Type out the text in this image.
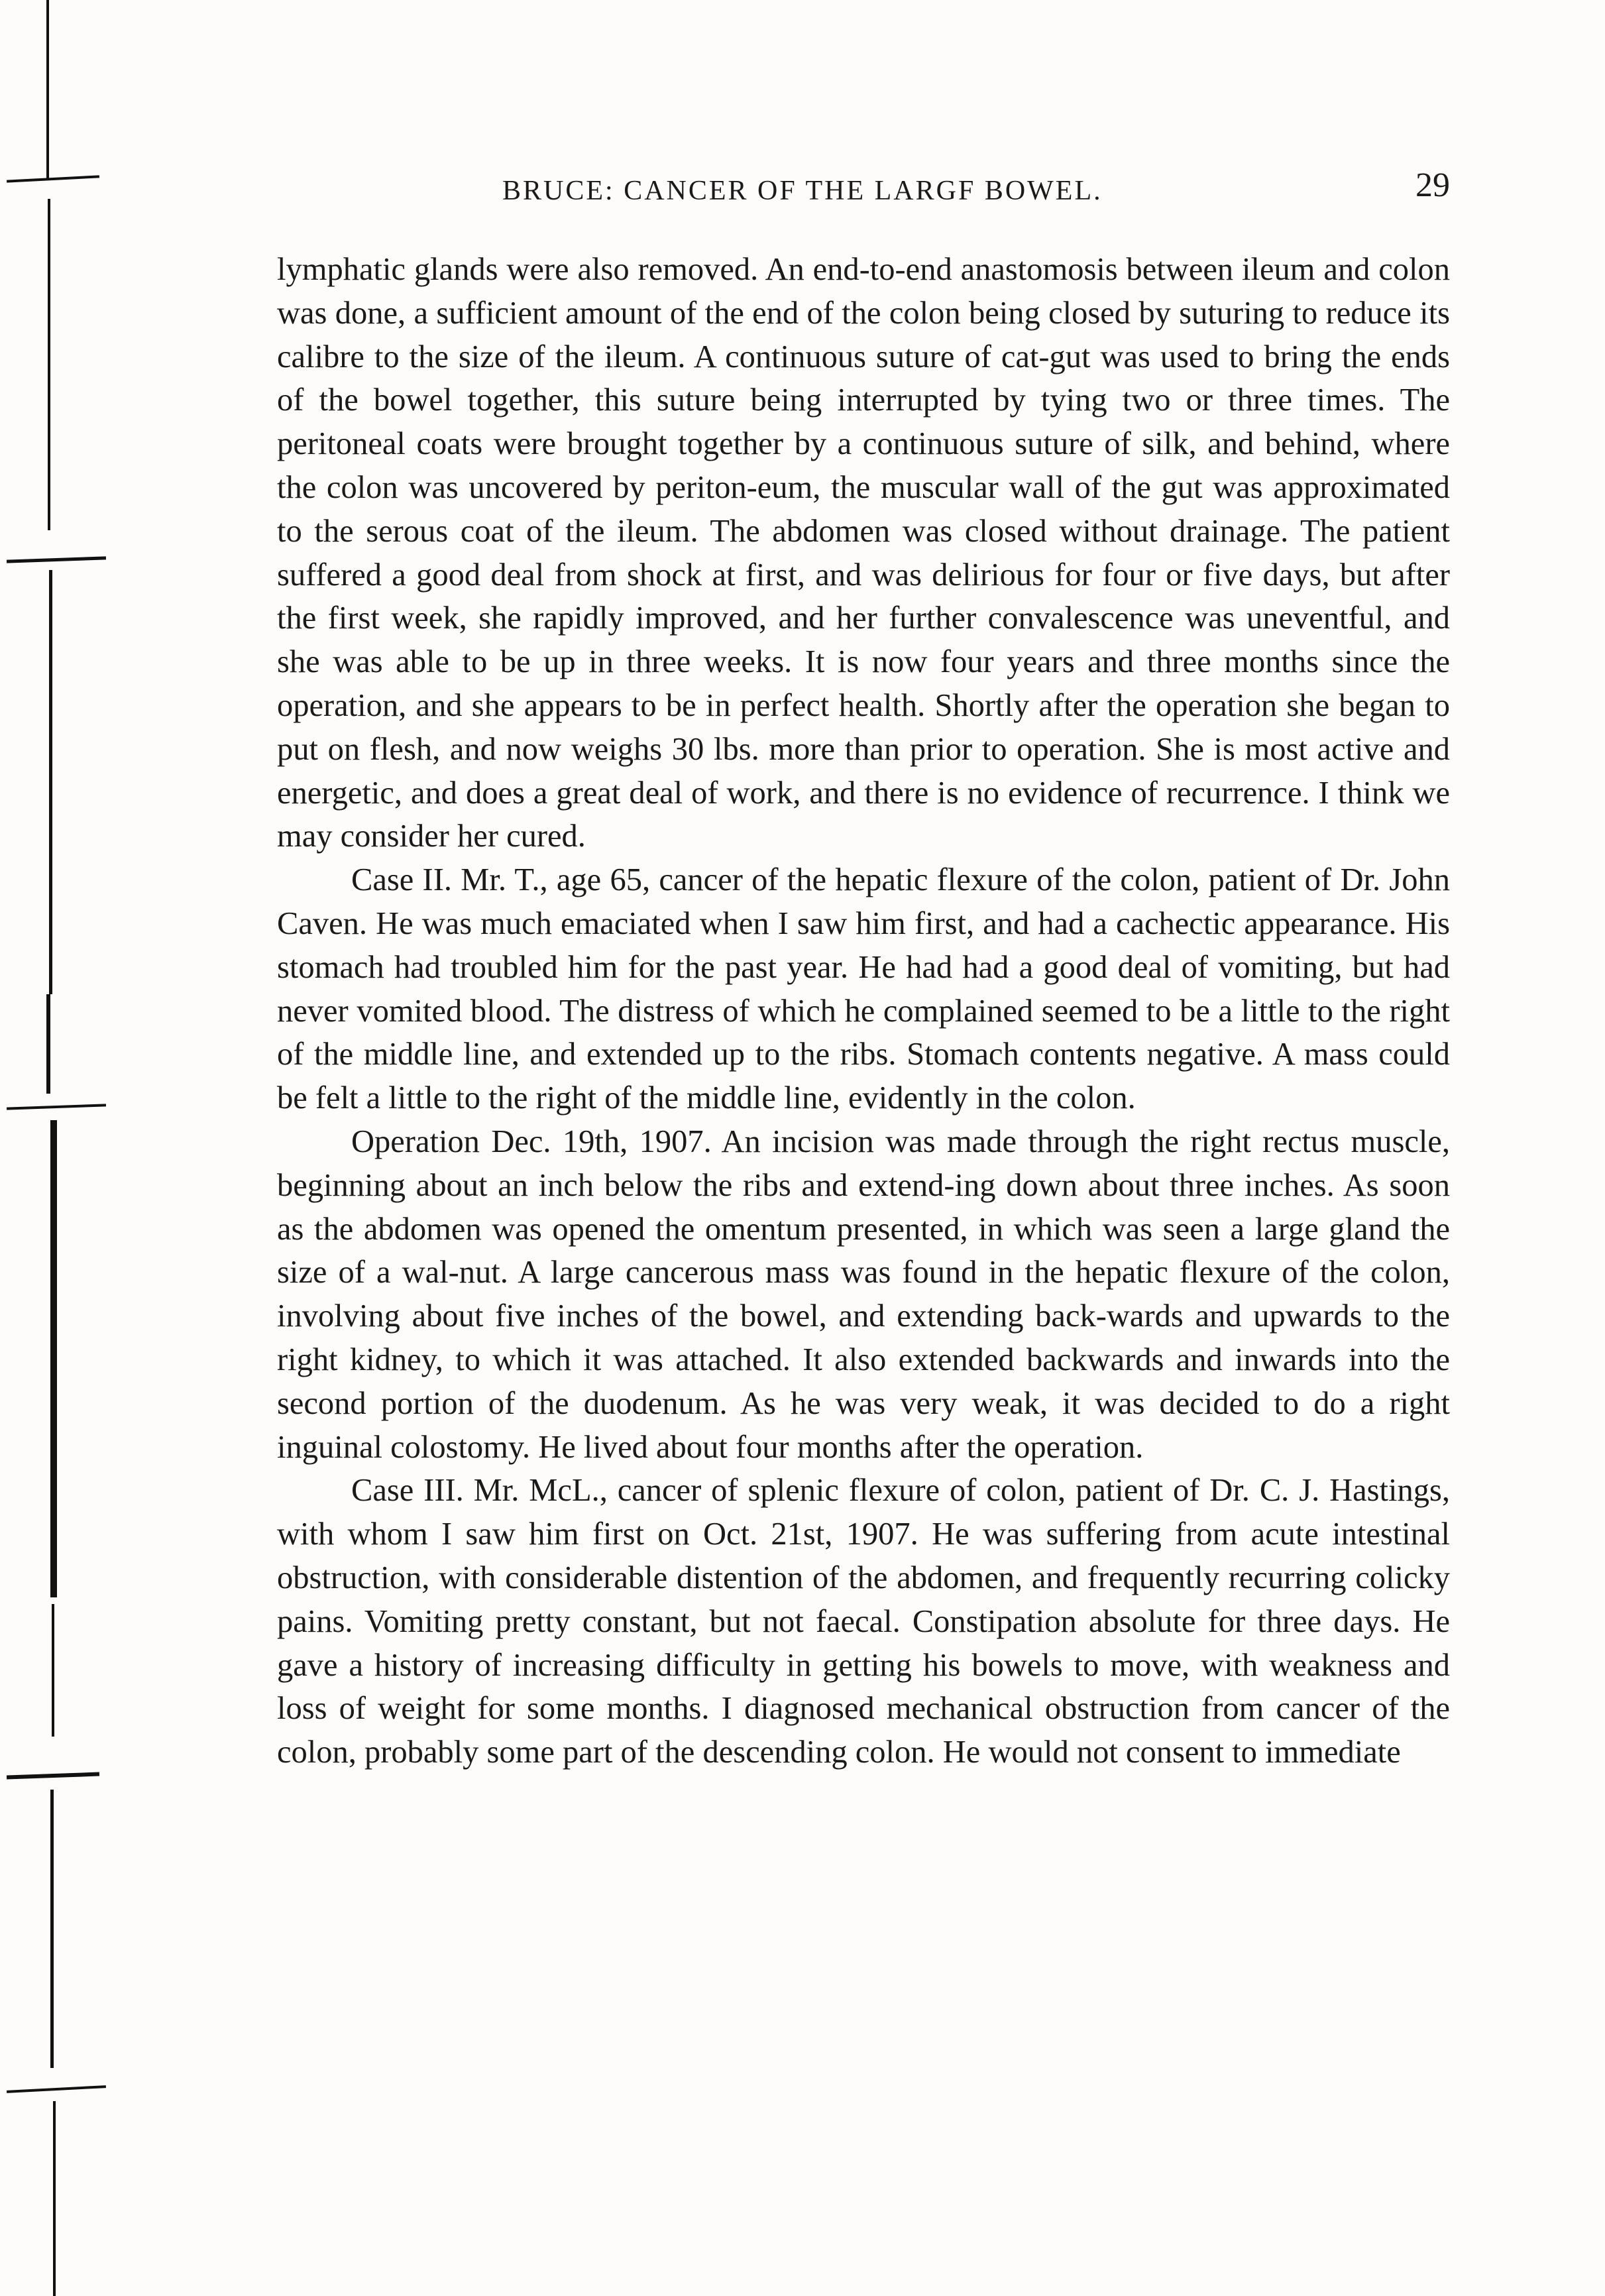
BRUCE: CANCER OF THE LARGF BOWEL.	29

lymphatic glands were also removed. An end-to-end anastomosis between ileum and colon was done, a sufficient amount of the end of the colon being closed by suturing to reduce its calibre to the size of the ileum. A continuous suture of cat-gut was used to bring the ends of the bowel together, this suture being interrupted by tying two or three times. The peritoneal coats were brought together by a continuous suture of silk, and behind, where the colon was uncovered by periton-eum, the muscular wall of the gut was approximated to the serous coat of the ileum. The abdomen was closed without drainage. The patient suffered a good deal from shock at first, and was delirious for four or five days, but after the first week, she rapidly improved, and her further convalescence was uneventful, and she was able to be up in three weeks. It is now four years and three months since the operation, and she appears to be in perfect health. Shortly after the operation she began to put on flesh, and now weighs 30 lbs. more than prior to operation. She is most active and energetic, and does a great deal of work, and there is no evidence of recurrence. I think we may consider her cured.

Case II. Mr. T., age 65, cancer of the hepatic flexure of the colon, patient of Dr. John Caven. He was much emaciated when I saw him first, and had a cachectic appearance. His stomach had troubled him for the past year. He had had a good deal of vomiting, but had never vomited blood. The distress of which he complained seemed to be a little to the right of the middle line, and extended up to the ribs. Stomach contents negative. A mass could be felt a little to the right of the middle line, evidently in the colon.

Operation Dec. 19th, 1907. An incision was made through the right rectus muscle, beginning about an inch below the ribs and extend-ing down about three inches. As soon as the abdomen was opened the omentum presented, in which was seen a large gland the size of a wal-nut. A large cancerous mass was found in the hepatic flexure of the colon, involving about five inches of the bowel, and extending back-wards and upwards to the right kidney, to which it was attached. It also extended backwards and inwards into the second portion of the duodenum. As he was very weak, it was decided to do a right inguinal colostomy. He lived about four months after the operation.

Case III. Mr. McL., cancer of splenic flexure of colon, patient of Dr. C. J. Hastings, with whom I saw him first on Oct. 21st, 1907. He was suffering from acute intestinal obstruction, with considerable distention of the abdomen, and frequently recurring colicky pains. Vomiting pretty constant, but not faecal. Constipation absolute for three days. He gave a history of increasing difficulty in getting his bowels to move, with weakness and loss of weight for some months. I diagnosed mechanical obstruction from cancer of the colon, probably some part of the descending colon. He would not consent to immediate
